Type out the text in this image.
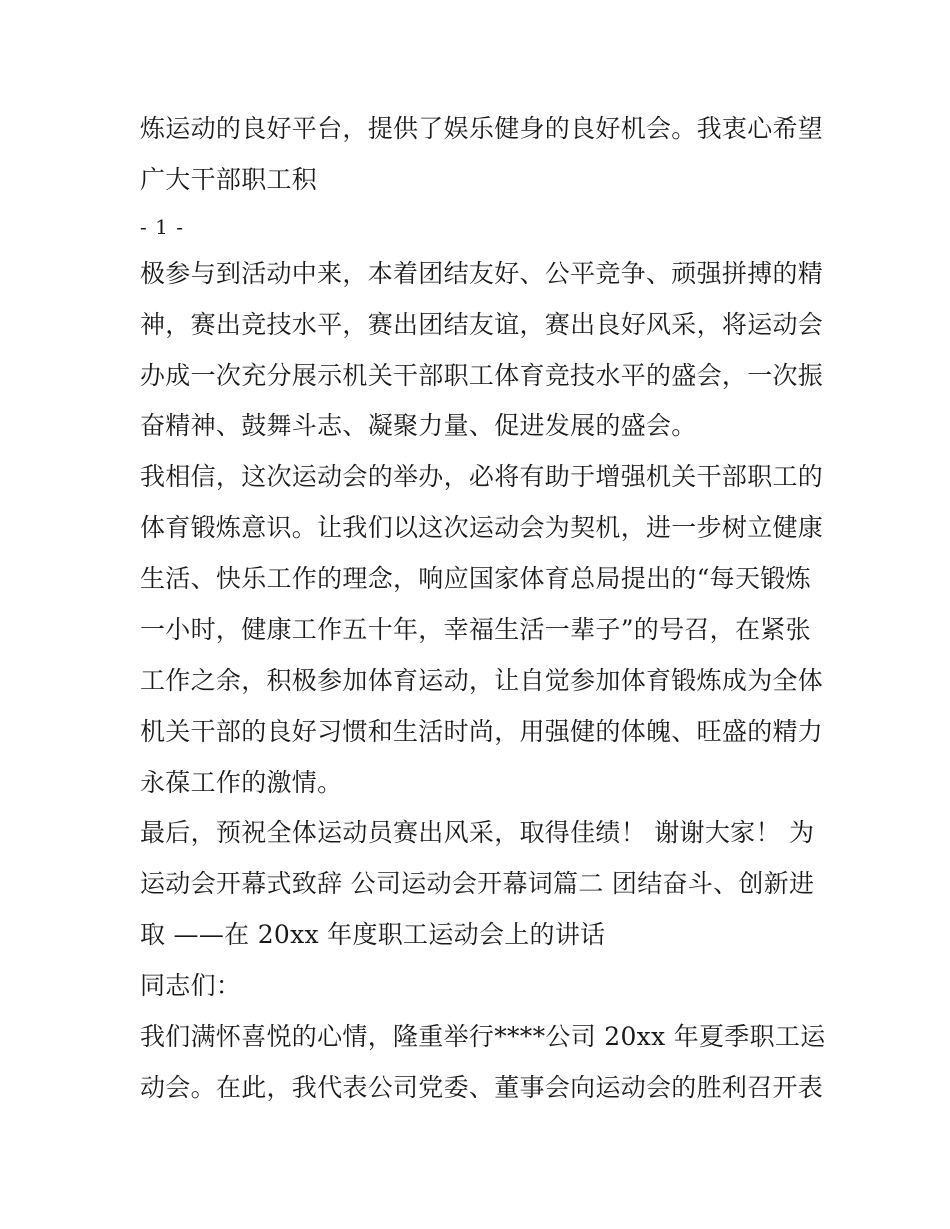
炼运动的良好平台，提供了娱乐健身的良好机会。我衷心希望
广大干部职工积
- 1 -
极参与到活动中来，本着团结友好、公平竞争、顽强拼搏的精
神，赛出竞技水平，赛出团结友谊，赛出良好风采，将运动会
办成一次充分展示机关干部职工体育竞技水平的盛会，一次振
奋精神、鼓舞斗志、凝聚力量、促进发展的盛会。
我相信，这次运动会的举办，必将有助于增强机关干部职工的
体育锻炼意识。让我们以这次运动会为契机，进一步树立健康
生活、快乐工作的理念，响应国家体育总局提出的“每天锻炼
一小时，健康工作五十年，幸福生活一辈子”的号召，在紧张
工作之余，积极参加体育运动，让自觉参加体育锻炼成为全体
机关干部的良好习惯和生活时尚，用强健的体魄、旺盛的精力
永葆工作的激情。
最后，预祝全体运动员赛出风采，取得佳绩！ 谢谢大家！ 为
运动会开幕式致辞 公司运动会开幕词篇二 团结奋斗、创新进
取 ——在 20xx 年度职工运动会上的讲话
同志们：
我们满怀喜悦的心情，隆重举行****公司 20xx 年夏季职工运
动会。在此，我代表公司党委、董事会向运动会的胜利召开表
